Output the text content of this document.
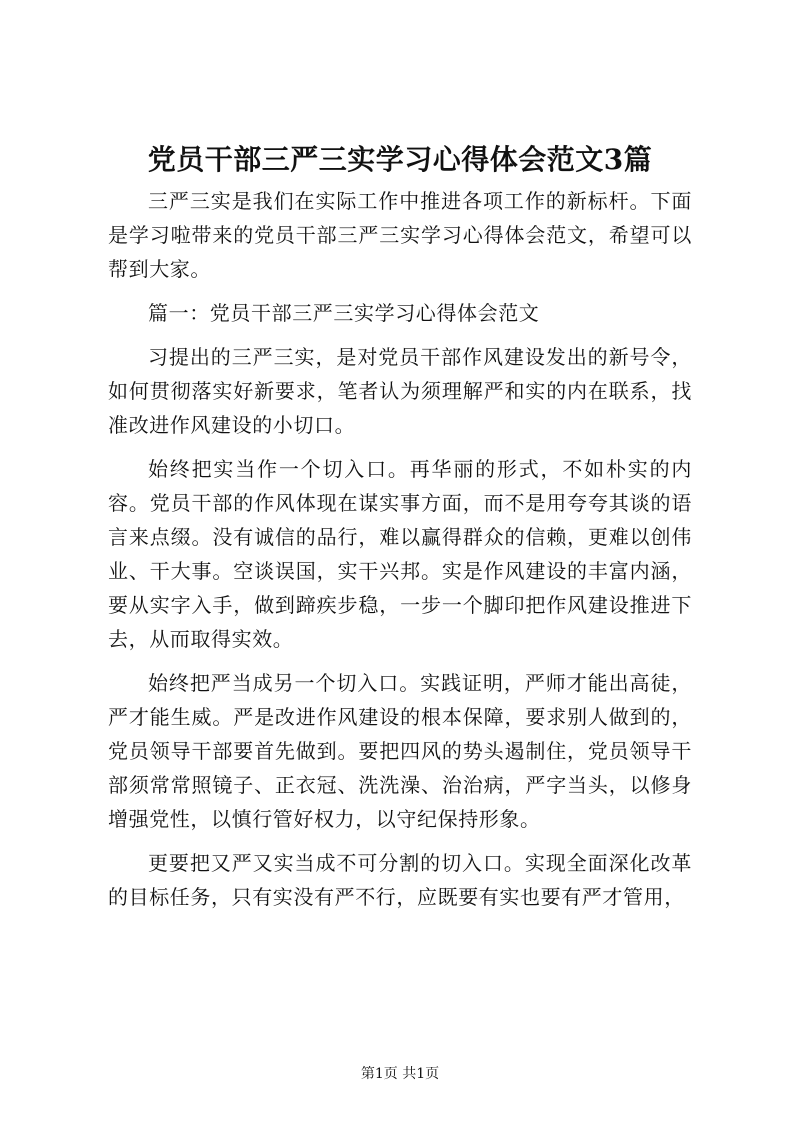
党员干部三严三实学习心得体会范文3篇

三严三实是我们在实际工作中推进各项工作的新标杆。下面是学习啦带来的党员干部三严三实学习心得体会范文，希望可以帮到大家。

篇一：党员干部三严三实学习心得体会范文

习提出的三严三实，是对党员干部作风建设发出的新号令，如何贯彻落实好新要求，笔者认为须理解严和实的内在联系，找准改进作风建设的小切口。

始终把实当作一个切入口。再华丽的形式，不如朴实的内容。党员干部的作风体现在谋实事方面，而不是用夸夸其谈的语言来点缀。没有诚信的品行，难以赢得群众的信赖，更难以创伟业、干大事。空谈误国，实干兴邦。实是作风建设的丰富内涵，要从实字入手，做到蹄疾步稳，一步一个脚印把作风建设推进下去，从而取得实效。

始终把严当成另一个切入口。实践证明，严师才能出高徒，严才能生威。严是改进作风建设的根本保障，要求别人做到的，党员领导干部要首先做到。要把四风的势头遏制住，党员领导干部须常常照镜子、正衣冠、洗洗澡、治治病，严字当头，以修身增强党性，以慎行管好权力，以守纪保持形象。

更要把又严又实当成不可分割的切入口。实现全面深化改革的目标任务，只有实没有严不行，应既要有实也要有严才管用，

第1页 共1页
